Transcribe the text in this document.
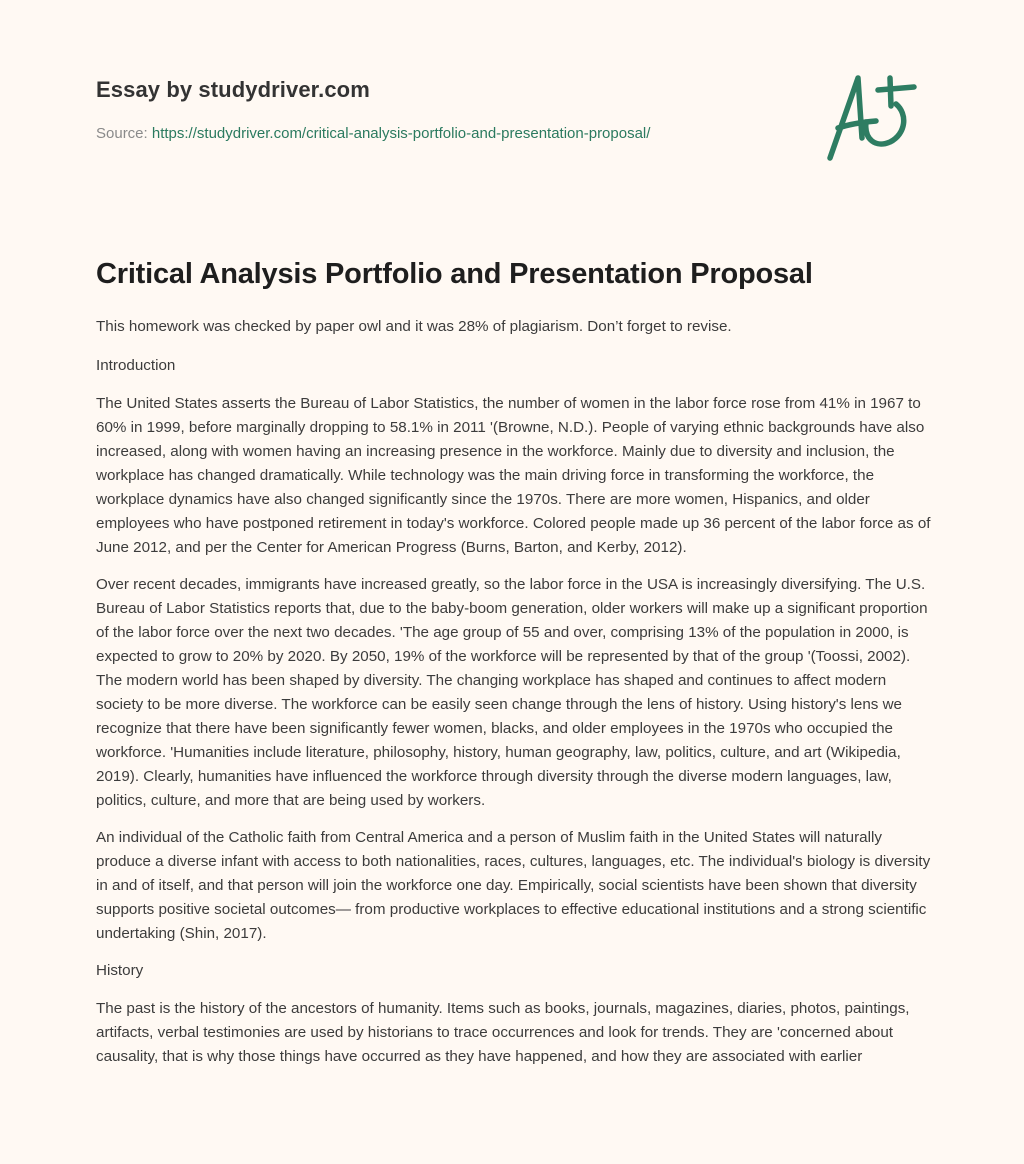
Essay by studydriver.com
Source: https://studydriver.com/critical-analysis-portfolio-and-presentation-proposal/
Critical Analysis Portfolio and Presentation Proposal

This homework was checked by paper owl and it was 28% of plagiarism. Don’t forget to revise.

Introduction

The United States asserts the Bureau of Labor Statistics, the number of women in the labor force rose from 41% in 1967 to 60% in 1999, before marginally dropping to 58.1% in 2011 '(Browne, N.D.). People of varying ethnic backgrounds have also increased, along with women having an increasing presence in the workforce. Mainly due to diversity and inclusion, the workplace has changed dramatically. While technology was the main driving force in transforming the workforce, the workplace dynamics have also changed significantly since the 1970s. There are more women, Hispanics, and older employees who have postponed retirement in today's workforce. Colored people made up 36 percent of the labor force as of June 2012, and per the Center for American Progress (Burns, Barton, and Kerby, 2012).

Over recent decades, immigrants have increased greatly, so the labor force in the USA is increasingly diversifying. The U.S. Bureau of Labor Statistics reports that, due to the baby-boom generation, older workers will make up a significant proportion of the labor force over the next two decades. 'The age group of 55 and over, comprising 13% of the population in 2000, is expected to grow to 20% by 2020. By 2050, 19% of the workforce will be represented by that of the group '(Toossi, 2002). The modern world has been shaped by diversity. The changing workplace has shaped and continues to affect modern society to be more diverse. The workforce can be easily seen change through the lens of history. Using history's lens we recognize that there have been significantly fewer women, blacks, and older employees in the 1970s who occupied the workforce. 'Humanities include literature, philosophy, history, human geography, law, politics, culture, and art (Wikipedia, 2019). Clearly, humanities have influenced the workforce through diversity through the diverse modern languages, law, politics, culture, and more that are being used by workers.

An individual of the Catholic faith from Central America and a person of Muslim faith in the United States will naturally produce a diverse infant with access to both nationalities, races, cultures, languages, etc. The individual's biology is diversity in and of itself, and that person will join the workforce one day. Empirically, social scientists have been shown that diversity supports positive societal outcomes— from productive workplaces to effective educational institutions and a strong scientific undertaking (Shin, 2017).

History

The past is the history of the ancestors of humanity. Items such as books, journals, magazines, diaries, photos, paintings, artifacts, verbal testimonies are used by historians to trace occurrences and look for trends. They are 'concerned about causality, that is why those things have occurred as they have happened, and how they are associated with earlier
